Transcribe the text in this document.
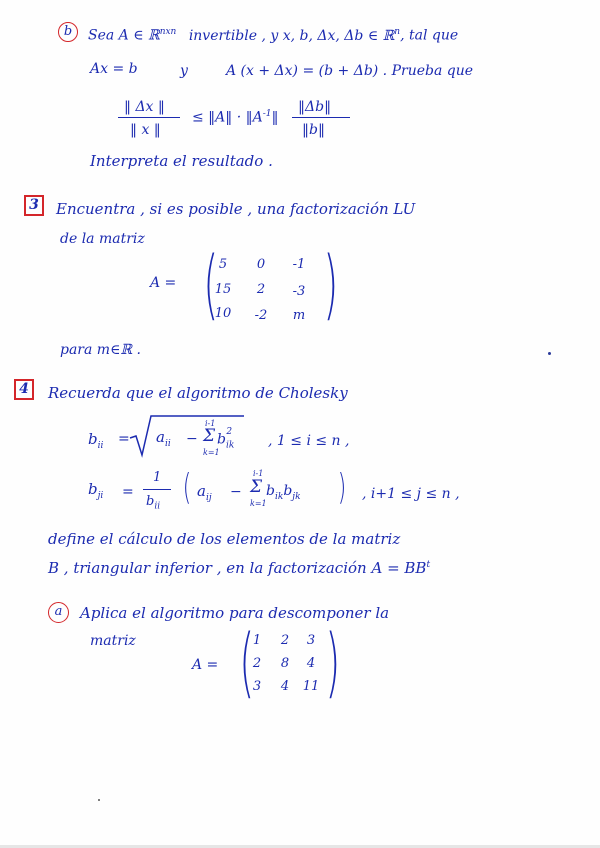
b	Sea A ∈ ℝ$^{nxn}$ invertible , y x, b, Δx, Δb ∈ ℝ$^n$, tal que
Ax = b	y	A (x + Δx) = (b + Δb) . Prueba que
‖ Δx ‖
‖ x ‖
≤ ‖A‖ · $‖A^{-1}‖$
‖Δb‖
‖b‖
Interpreta el resultado .
3	Encuentra , si es posible , una factorización LU
de la matriz
A = ( )
5	0	-1
15	2	-3
10	-2	m
para m∈ℝ .
4	Recuerda que el algoritmo de Cholesky
$b_{ii} = a_{ii}$ −
i-1
Σ
k=1
$b_{ik}^2$
, 1 ≤ i ≤ n ,
$b_{ji}$ =
1
$b_{ii}$ ( $a_{ij}$ −
i-1
Σ
k=1
$b_{ik}b_{jk}$ ) , i+1 ≤ j ≤ n ,
define el cálculo de los elementos de la matriz
B , triangular inferior , en la factorización $A = BB^t$
a	Aplica el algoritmo para descomponer la
matriz
A = ( )
1	2	3
2	8	4
3	4	11
